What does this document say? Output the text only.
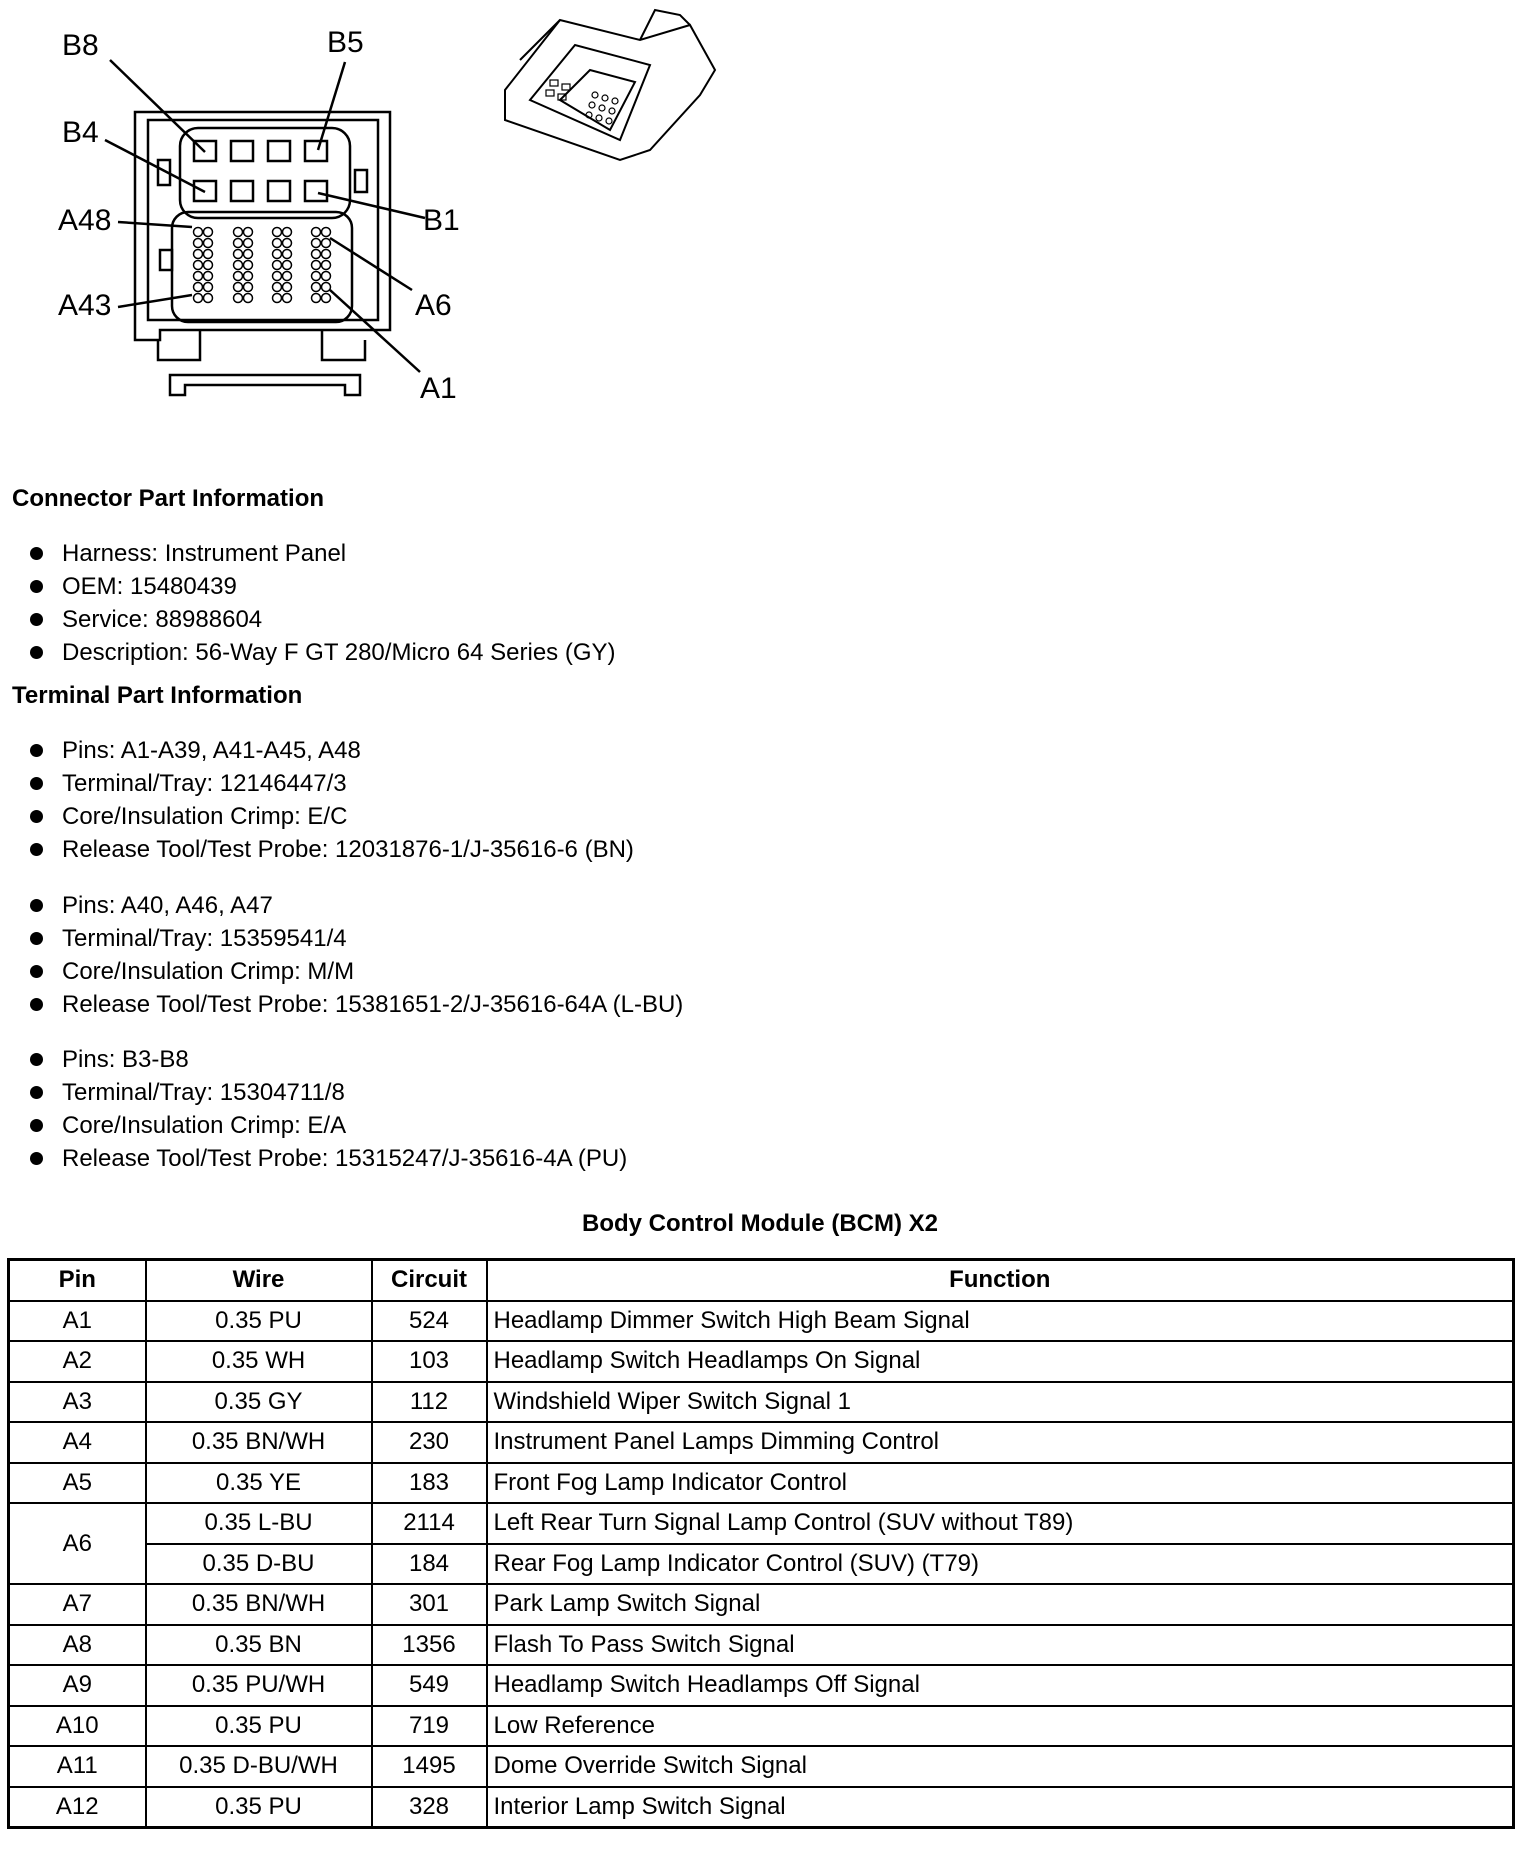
B8	B5
B4
B1
A48
A6
A43
A1
Connector Part Information
Harness: Instrument Panel
OEM: 15480439
Service: 88988604
Description: 56-Way F GT 280/Micro 64 Series (GY)
Terminal Part Information
Pins: A1-A39, A41-A45, A48
Terminal/Tray: 12146447/3
Core/Insulation Crimp: E/C
Release Tool/Test Probe: 12031876-1/J-35616-6 (BN)
Pins: A40, A46, A47
Terminal/Tray: 15359541/4
Core/Insulation Crimp: M/M
Release Tool/Test Probe: 15381651-2/J-35616-64A (L-BU)
Pins: B3-B8
Terminal/Tray: 15304711/8
Core/Insulation Crimp: E/A
Release Tool/Test Probe: 15315247/J-35616-4A (PU)
Body Control Module (BCM) X2
Pin	Wire	Circuit	Function
A1	0.35 PU	524	Headlamp Dimmer Switch High Beam Signal
A2	0.35 WH	103	Headlamp Switch Headlamps On Signal
A3	0.35 GY	112	Windshield Wiper Switch Signal 1
A4	0.35 BN/WH	230	Instrument Panel Lamps Dimming Control
A5	0.35 YE	183	Front Fog Lamp Indicator Control
A6	0.35 L-BU	2114	Left Rear Turn Signal Lamp Control (SUV without T89)
	0.35 D-BU	184	Rear Fog Lamp Indicator Control (SUV) (T79)
A7	0.35 BN/WH	301	Park Lamp Switch Signal
A8	0.35 BN	1356	Flash To Pass Switch Signal
A9	0.35 PU/WH	549	Headlamp Switch Headlamps Off Signal
A10	0.35 PU	719	Low Reference
A11	0.35 D-BU/WH	1495	Dome Override Switch Signal
A12	0.35 PU	328	Interior Lamp Switch Signal
